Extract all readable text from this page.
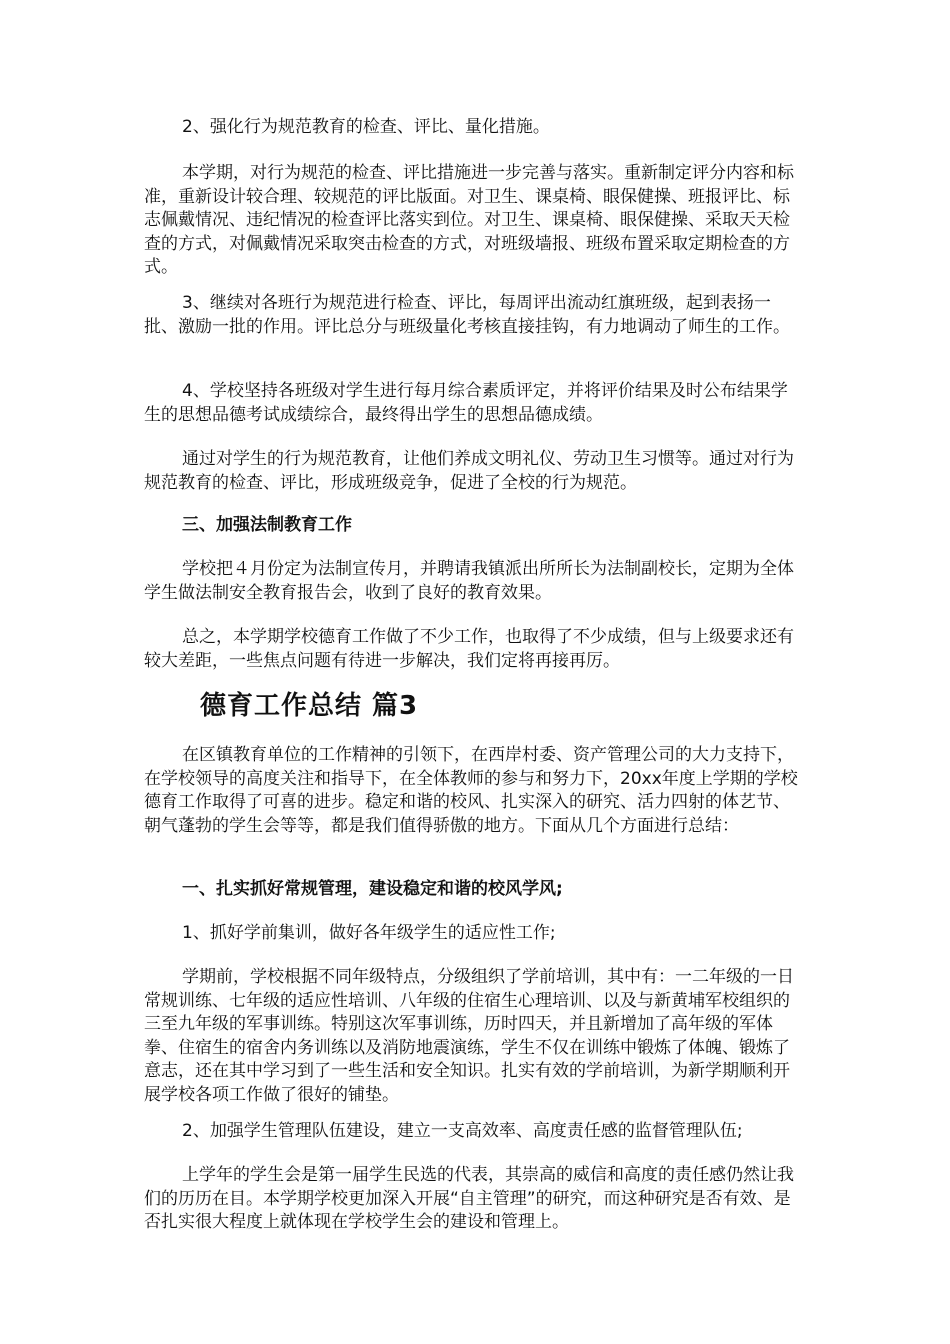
2、强化行为规范教育的检查、评比、量化措施。

本学期，对行为规范的检查、评比措施进一步完善与落实。重新制定评分内容和标准，重新设计较合理、较规范的评比版面。对卫生、课桌椅、眼保健操、班报评比、标志佩戴情况、违纪情况的检查评比落实到位。对卫生、课桌椅、眼保健操、采取天天检查的方式，对佩戴情况采取突击检查的方式，对班级墙报、班级布置采取定期检查的方式。

3、继续对各班行为规范进行检查、评比，每周评出流动红旗班级，起到表扬一批、激励一批的作用。评比总分与班级量化考核直接挂钩，有力地调动了师生的工作。

4、学校坚持各班级对学生进行每月综合素质评定，并将评价结果及时公布结果学生的思想品德考试成绩综合，最终得出学生的思想品德成绩。

通过对学生的行为规范教育，让他们养成文明礼仪、劳动卫生习惯等。通过对行为规范教育的检查、评比，形成班级竞争，促进了全校的行为规范。

三、加强法制教育工作

学校把４月份定为法制宣传月，并聘请我镇派出所所长为法制副校长，定期为全体学生做法制安全教育报告会，收到了良好的教育效果。

总之，本学期学校德育工作做了不少工作，也取得了不少成绩，但与上级要求还有较大差距，一些焦点问题有待进一步解决，我们定将再接再厉。

德育工作总结 篇3

在区镇教育单位的工作精神的引领下，在西岸村委、资产管理公司的大力支持下，在学校领导的高度关注和指导下，在全体教师的参与和努力下，20xx年度上学期的学校德育工作取得了可喜的进步。稳定和谐的校风、扎实深入的研究、活力四射的体艺节、朝气蓬勃的学生会等等，都是我们值得骄傲的地方。下面从几个方面进行总结：

一、扎实抓好常规管理，建设稳定和谐的校风学风;

1、抓好学前集训，做好各年级学生的适应性工作;

学期前，学校根据不同年级特点，分级组织了学前培训，其中有：一二年级的一日常规训练、七年级的适应性培训、八年级的住宿生心理培训、以及与新黄埔军校组织的三至九年级的军事训练。特别这次军事训练，历时四天，并且新增加了高年级的军体拳、住宿生的宿舍内务训练以及消防地震演练，学生不仅在训练中锻炼了体魄、锻炼了意志，还在其中学习到了一些生活和安全知识。扎实有效的学前培训，为新学期顺利开展学校各项工作做了很好的铺垫。

2、加强学生管理队伍建设，建立一支高效率、高度责任感的监督管理队伍;

上学年的学生会是第一届学生民选的代表，其崇高的威信和高度的责任感仍然让我们的历历在目。本学期学校更加深入开展“自主管理”的研究，而这种研究是否有效、是否扎实很大程度上就体现在学校学生会的建设和管理上。
